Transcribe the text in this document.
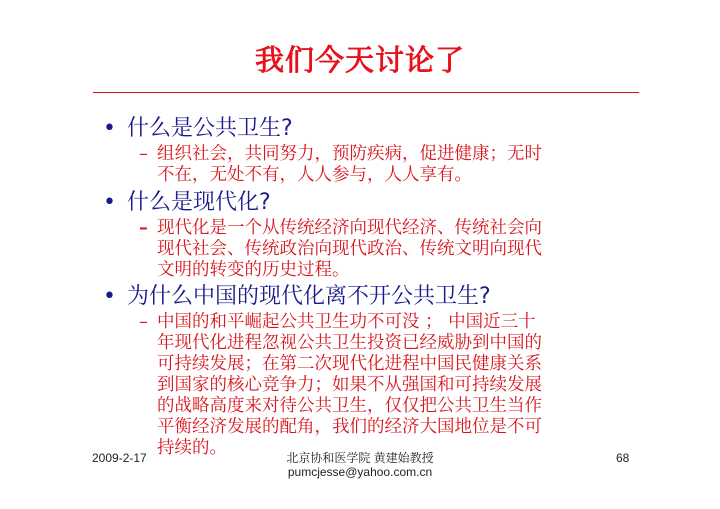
我们今天讨论了
• 什么是公共卫生?
– 组织社会，共同努力，预防疾病，促进健康；无时
不在，无处不有，人人参与，人人享有。
• 什么是现代化?
– 现代化是一个从传统经济向现代经济、传统社会向
现代社会、传统政治向现代政治、传统文明向现代
文明的转变的历史过程。
• 为什么中国的现代化离不开公共卫生?
– 中国的和平崛起公共卫生功不可没 ； 中国近三十
年现代化进程忽视公共卫生投资已经威胁到中国的
可持续发展；在第二次现代化进程中国民健康关系
到国家的核心竞争力；如果不从强国和可持续发展
的战略高度来对待公共卫生，仅仅把公共卫生当作
平衡经济发展的配角，我们的经济大国地位是不可
持续的。
2009-2-17	北京协和医学院 黄建始教授
pumcjesse@yahoo.com.cn
68
